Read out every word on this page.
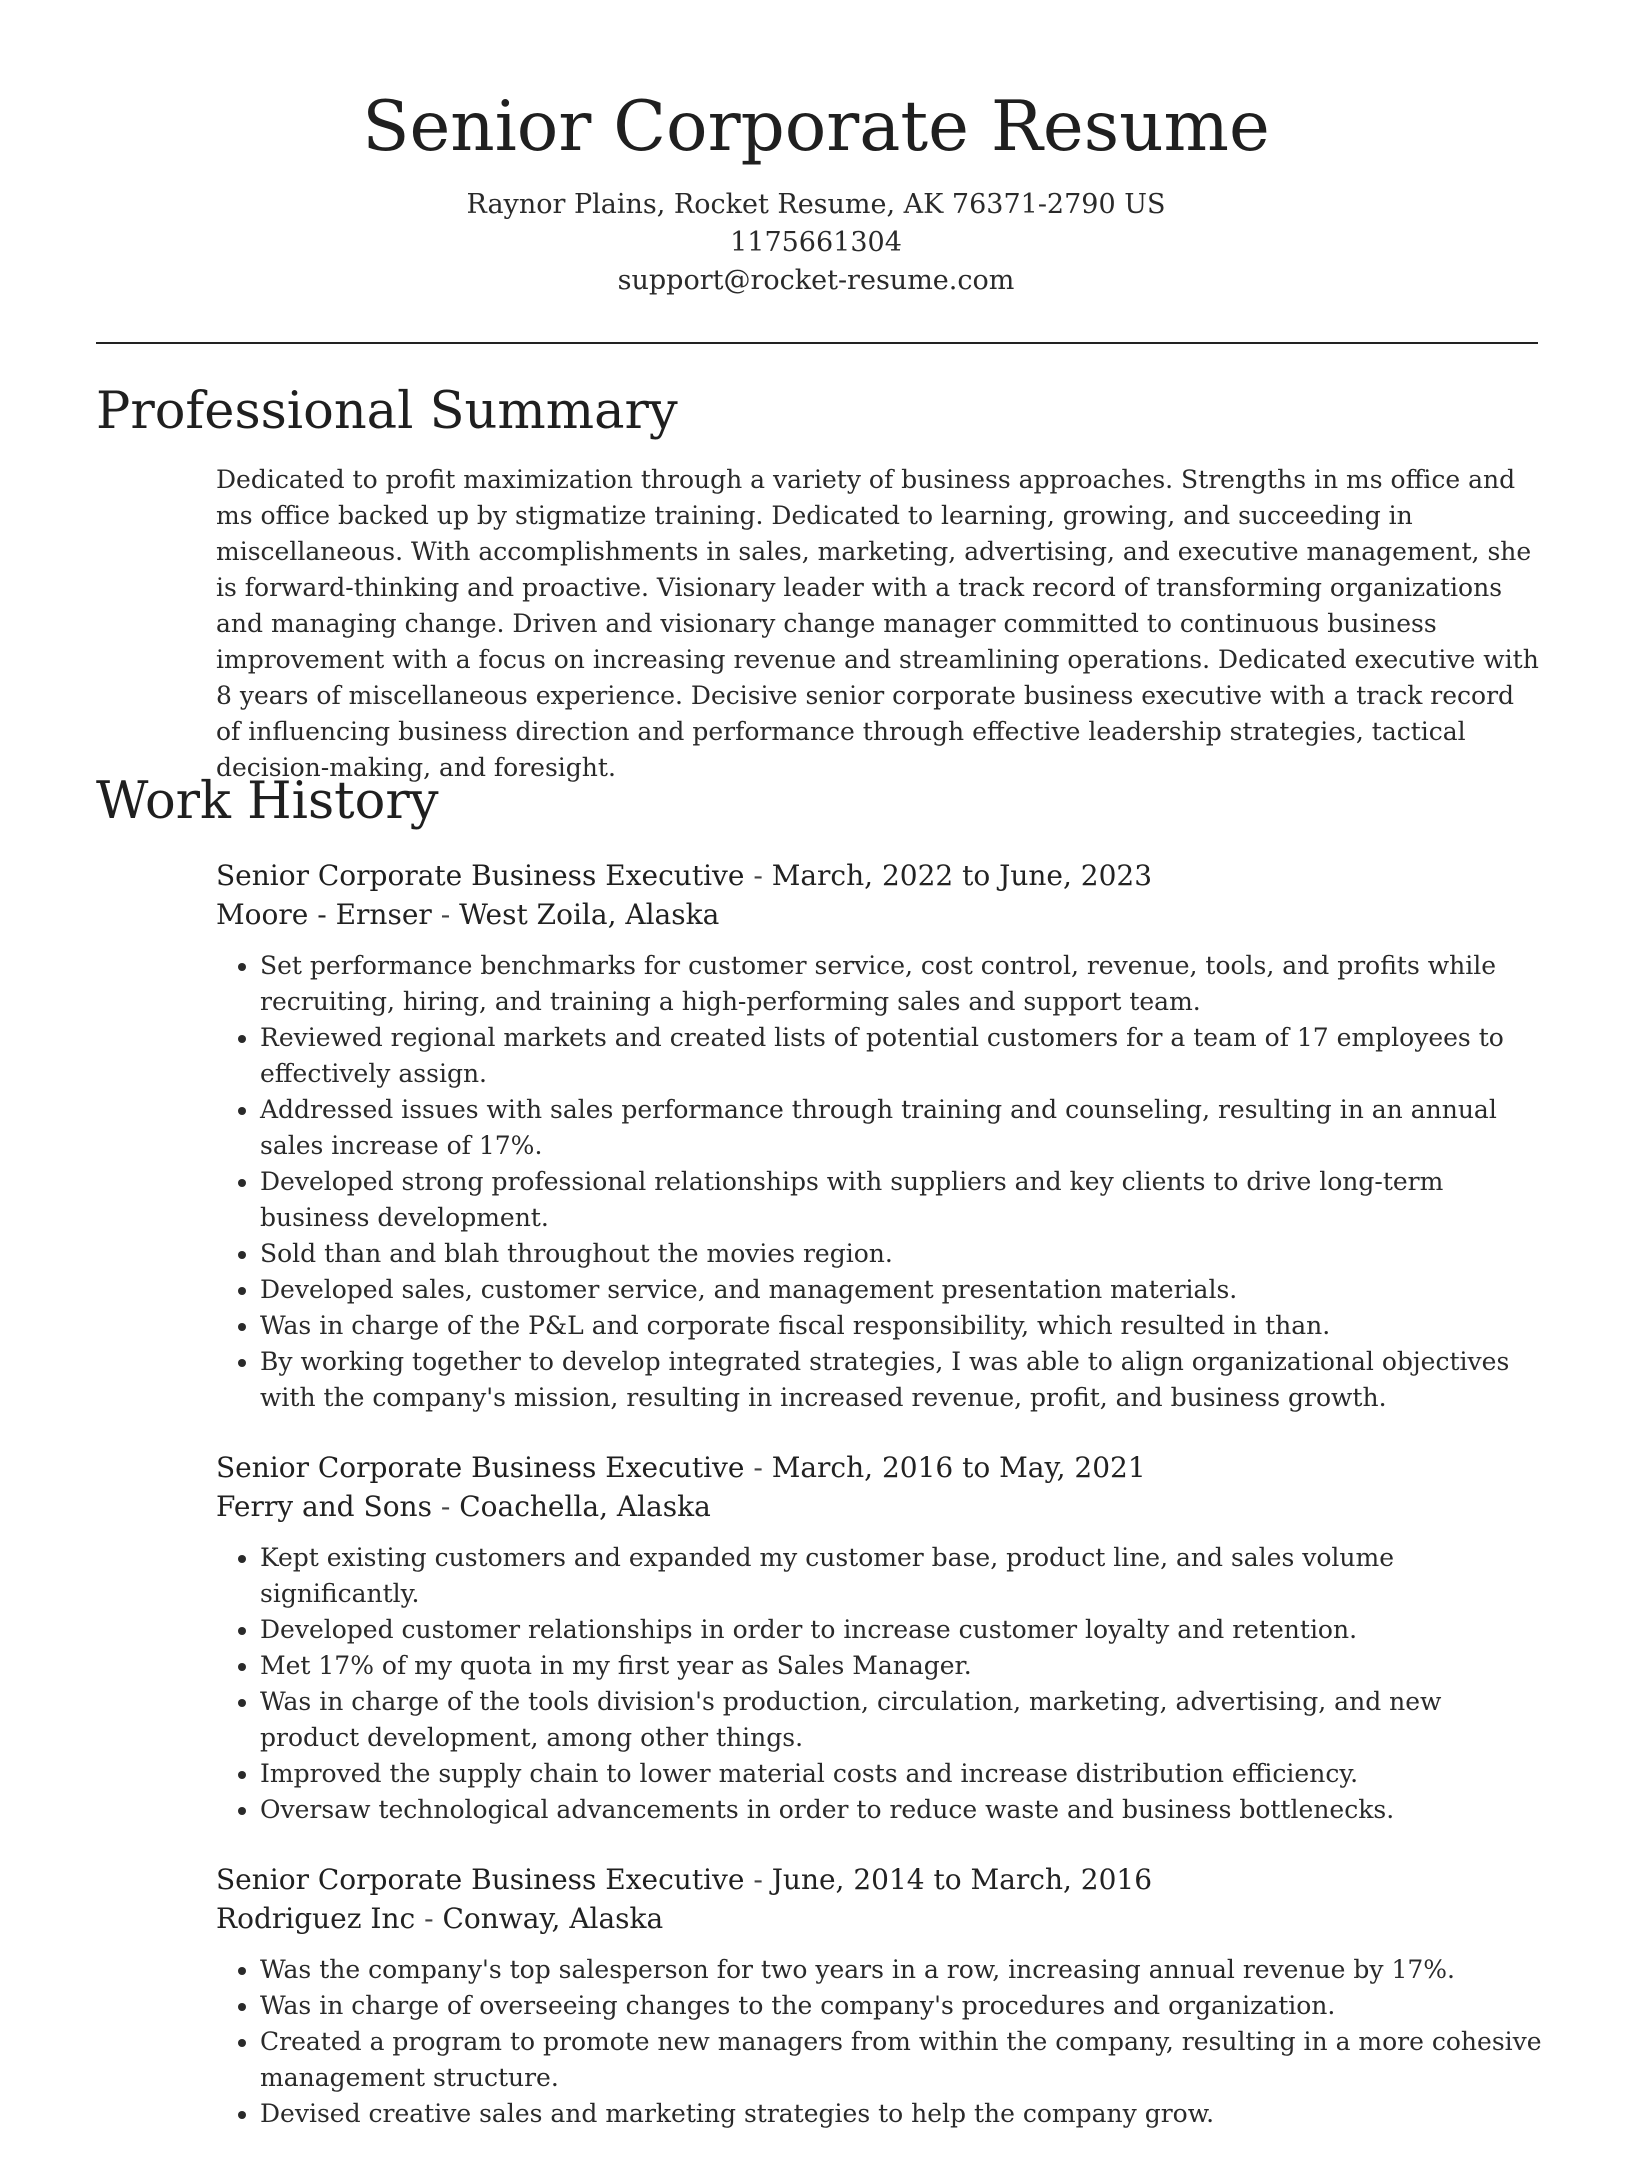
Senior Corporate Resume
Raynor Plains, Rocket Resume, AK 76371-2790 US
1175661304
support@rocket-resume.com
Professional Summary

Dedicated to profit maximization through a variety of business approaches. Strengths in ms office and ms office backed up by stigmatize training. Dedicated to learning, growing, and succeeding in miscellaneous. With accomplishments in sales, marketing, advertising, and executive management, she is forward-thinking and proactive. Visionary leader with a track record of transforming organizations and managing change. Driven and visionary change manager committed to continuous business improvement with a focus on increasing revenue and streamlining operations. Dedicated executive with 8 years of miscellaneous experience. Decisive senior corporate business executive with a track record of influencing business direction and performance through effective leadership strategies, tactical decision-making, and foresight.

Work History
Senior Corporate Business Executive - March, 2022 to June, 2023
Moore - Ernser - West Zoila, Alaska
• Set performance benchmarks for customer service, cost control, revenue, tools, and profits while recruiting, hiring, and training a high-performing sales and support team.
• Reviewed regional markets and created lists of potential customers for a team of 17 employees to effectively assign.
• Addressed issues with sales performance through training and counseling, resulting in an annual sales increase of 17%.
• Developed strong professional relationships with suppliers and key clients to drive long-term business development.
• Sold than and blah throughout the movies region.
• Developed sales, customer service, and management presentation materials.
• Was in charge of the P&L and corporate fiscal responsibility, which resulted in than.
• By working together to develop integrated strategies, I was able to align organizational objectives with the company's mission, resulting in increased revenue, profit, and business growth.
Senior Corporate Business Executive - March, 2016 to May, 2021
Ferry and Sons - Coachella, Alaska
• Kept existing customers and expanded my customer base, product line, and sales volume significantly.
• Developed customer relationships in order to increase customer loyalty and retention.
• Met 17% of my quota in my first year as Sales Manager.
• Was in charge of the tools division's production, circulation, marketing, advertising, and new product development, among other things.
• Improved the supply chain to lower material costs and increase distribution efficiency.
• Oversaw technological advancements in order to reduce waste and business bottlenecks.
Senior Corporate Business Executive - June, 2014 to March, 2016
Rodriguez Inc - Conway, Alaska
• Was the company's top salesperson for two years in a row, increasing annual revenue by 17%.
• Was in charge of overseeing changes to the company's procedures and organization.
• Created a program to promote new managers from within the company, resulting in a more cohesive management structure.
• Devised creative sales and marketing strategies to help the company grow.
